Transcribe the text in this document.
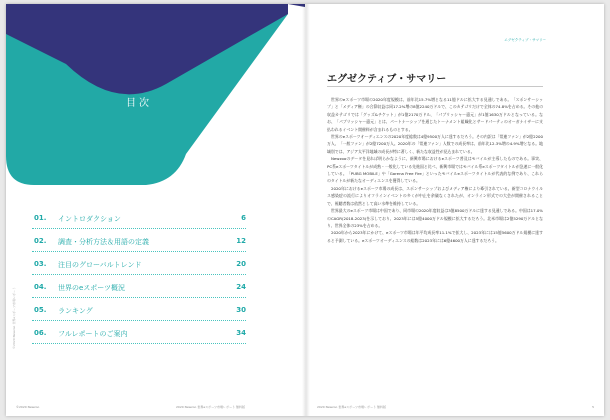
目次
01. イントロダクション	6
02. 調査・分析方法＆用語の定義	12
03. 注目のグローバルトレンド	20
04. 世界のeスポーツ概況	24
05. ランキング	30
06. フルレポートのご案内	34
©2020 Newzoo 世界eスポーツ市場レポート
©2020 Newzoo	2020 Newzoo 世界eスポーツ市場レポート 無料版
エグゼクティブ・サマリー
エグゼクティブ・サマリー

世界のeスポーツ市場の2020年度規模は、前年比15.7%増となる11億ドルに拡大する見通しである。「スポンサーシップ」と「メディア権」の合算収益は同17.2%増の8億2240万ドルで、このカテゴリだけで全体の74.8%を占める。その他の収益カテゴリでは「グッズ&チケット」が1億2170万ドル、「パブリッシャー還元」が1億1630万ドルとなっている。なお、「パブリッシャー還元」とは、パートナーシップを通じたトーナメント組織化とサードパーティのオーガナイザーに支払われるイベント開催料が含まれるものとする。

世界のeスポーツオーディエンスの2020年度総数は4億9500万人に達するだろう。その内訳は「常連ファン」が2億2200万人、「一般ファン」が2億7200万人。2020年の「常連ファン」人数での成長率は、前年比12.3%増の4.9%増となる。地域別では、アジア太平洋地域の成長が特に著しく、新たな収益性が見込まれている。

Newzooのデータを見れば明らかなように、新興市場におけるeスポーツ普及はモバイルが主導したものである。事実、PC系eスポーツタイトルが成熟・一般化している先進国と比べ、新興市場ではモバイル系eスポーツタイトルが急速に一般化している。「PUBG MOBILE」や「Garena Free Fire」といったモバイルeスポーツタイトルが代表的な例であり、これらのタイトルが新たなオーディエンスを獲得している。

2020年におけるeスポーツ市場の成長は、スポンサーシップおよびメディア権により牽引されている。新型コロナウイルス感染症の流行によりオフラインイベントの多くが中止を余儀なくされたが、オンライン形式での大会が開催されることで、視聴者数は依然として高い水準を維持している。

世界最大のeスポーツ市場は中国であり、同市場の2020年度収益は3億8500万ドルに達する見通しである。中国は17.0%のCAGR(2018-2023)を示しており、2023年には5億4000万ドル規模に拡大するだろう。北米市場は2億5290万ドルとなり、世界全体の23%を占める。

2020年から2023年にかけて、eスポーツ市場は年平均成長率11.1%で拡大し、2023年には15億5600万ドル規模に達すると予測している。eスポーツオーディエンスの総数は2023年には6億4600万人に達するだろう。

2020 Newzoo 世界eスポーツ市場レポート 無料版	5
